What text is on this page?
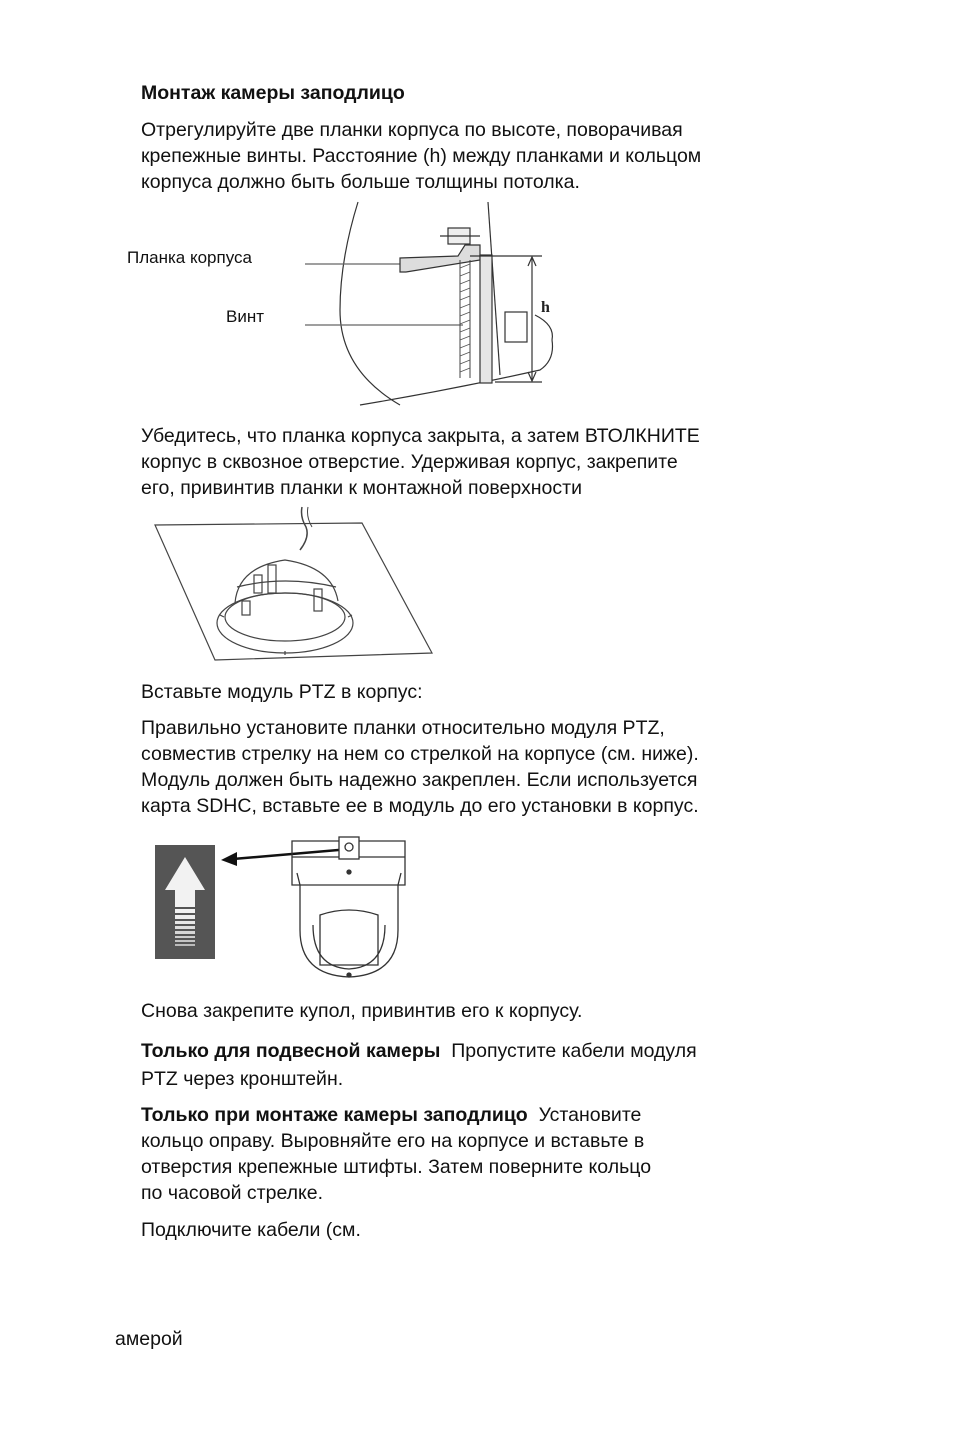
Монтаж камеры заподлицо
Отрегулируйте две планки корпуса по высоте, поворачивая
крепежные винты. Расстояние (h) между планками и кольцом
корпуса должно быть больше толщины потолка.
Планка корпуса
Винт	h
Убедитесь, что планка корпуса закрыта, а затем ВТОЛКНИТЕ
корпус в сквозное отверстие. Удерживая корпус, закрепите
его, привинтив планки к монтажной поверхности
Вставьте модуль PTZ в корпус:
Правильно установите планки относительно модуля PTZ,
совместив стрелку на нем со стрелкой на корпусе (см. ниже).
Модуль должен быть надежно закреплен. Если используется
карта SDHC, вставьте ее в модуль до его установки в корпус.
Снова закрепите купол, привинтив его к корпусу.
Только для подвесной камеры Пропустите кабели модуля
PTZ через кронштейн.
Только при монтаже камеры заподлицо Установите
кольцо оправу. Выровняйте его на корпусе и вставьте в
отверстия крепежные штифты. Затем поверните кольцо
по часовой стрелке.
Подключите кабели (см.
амерой
